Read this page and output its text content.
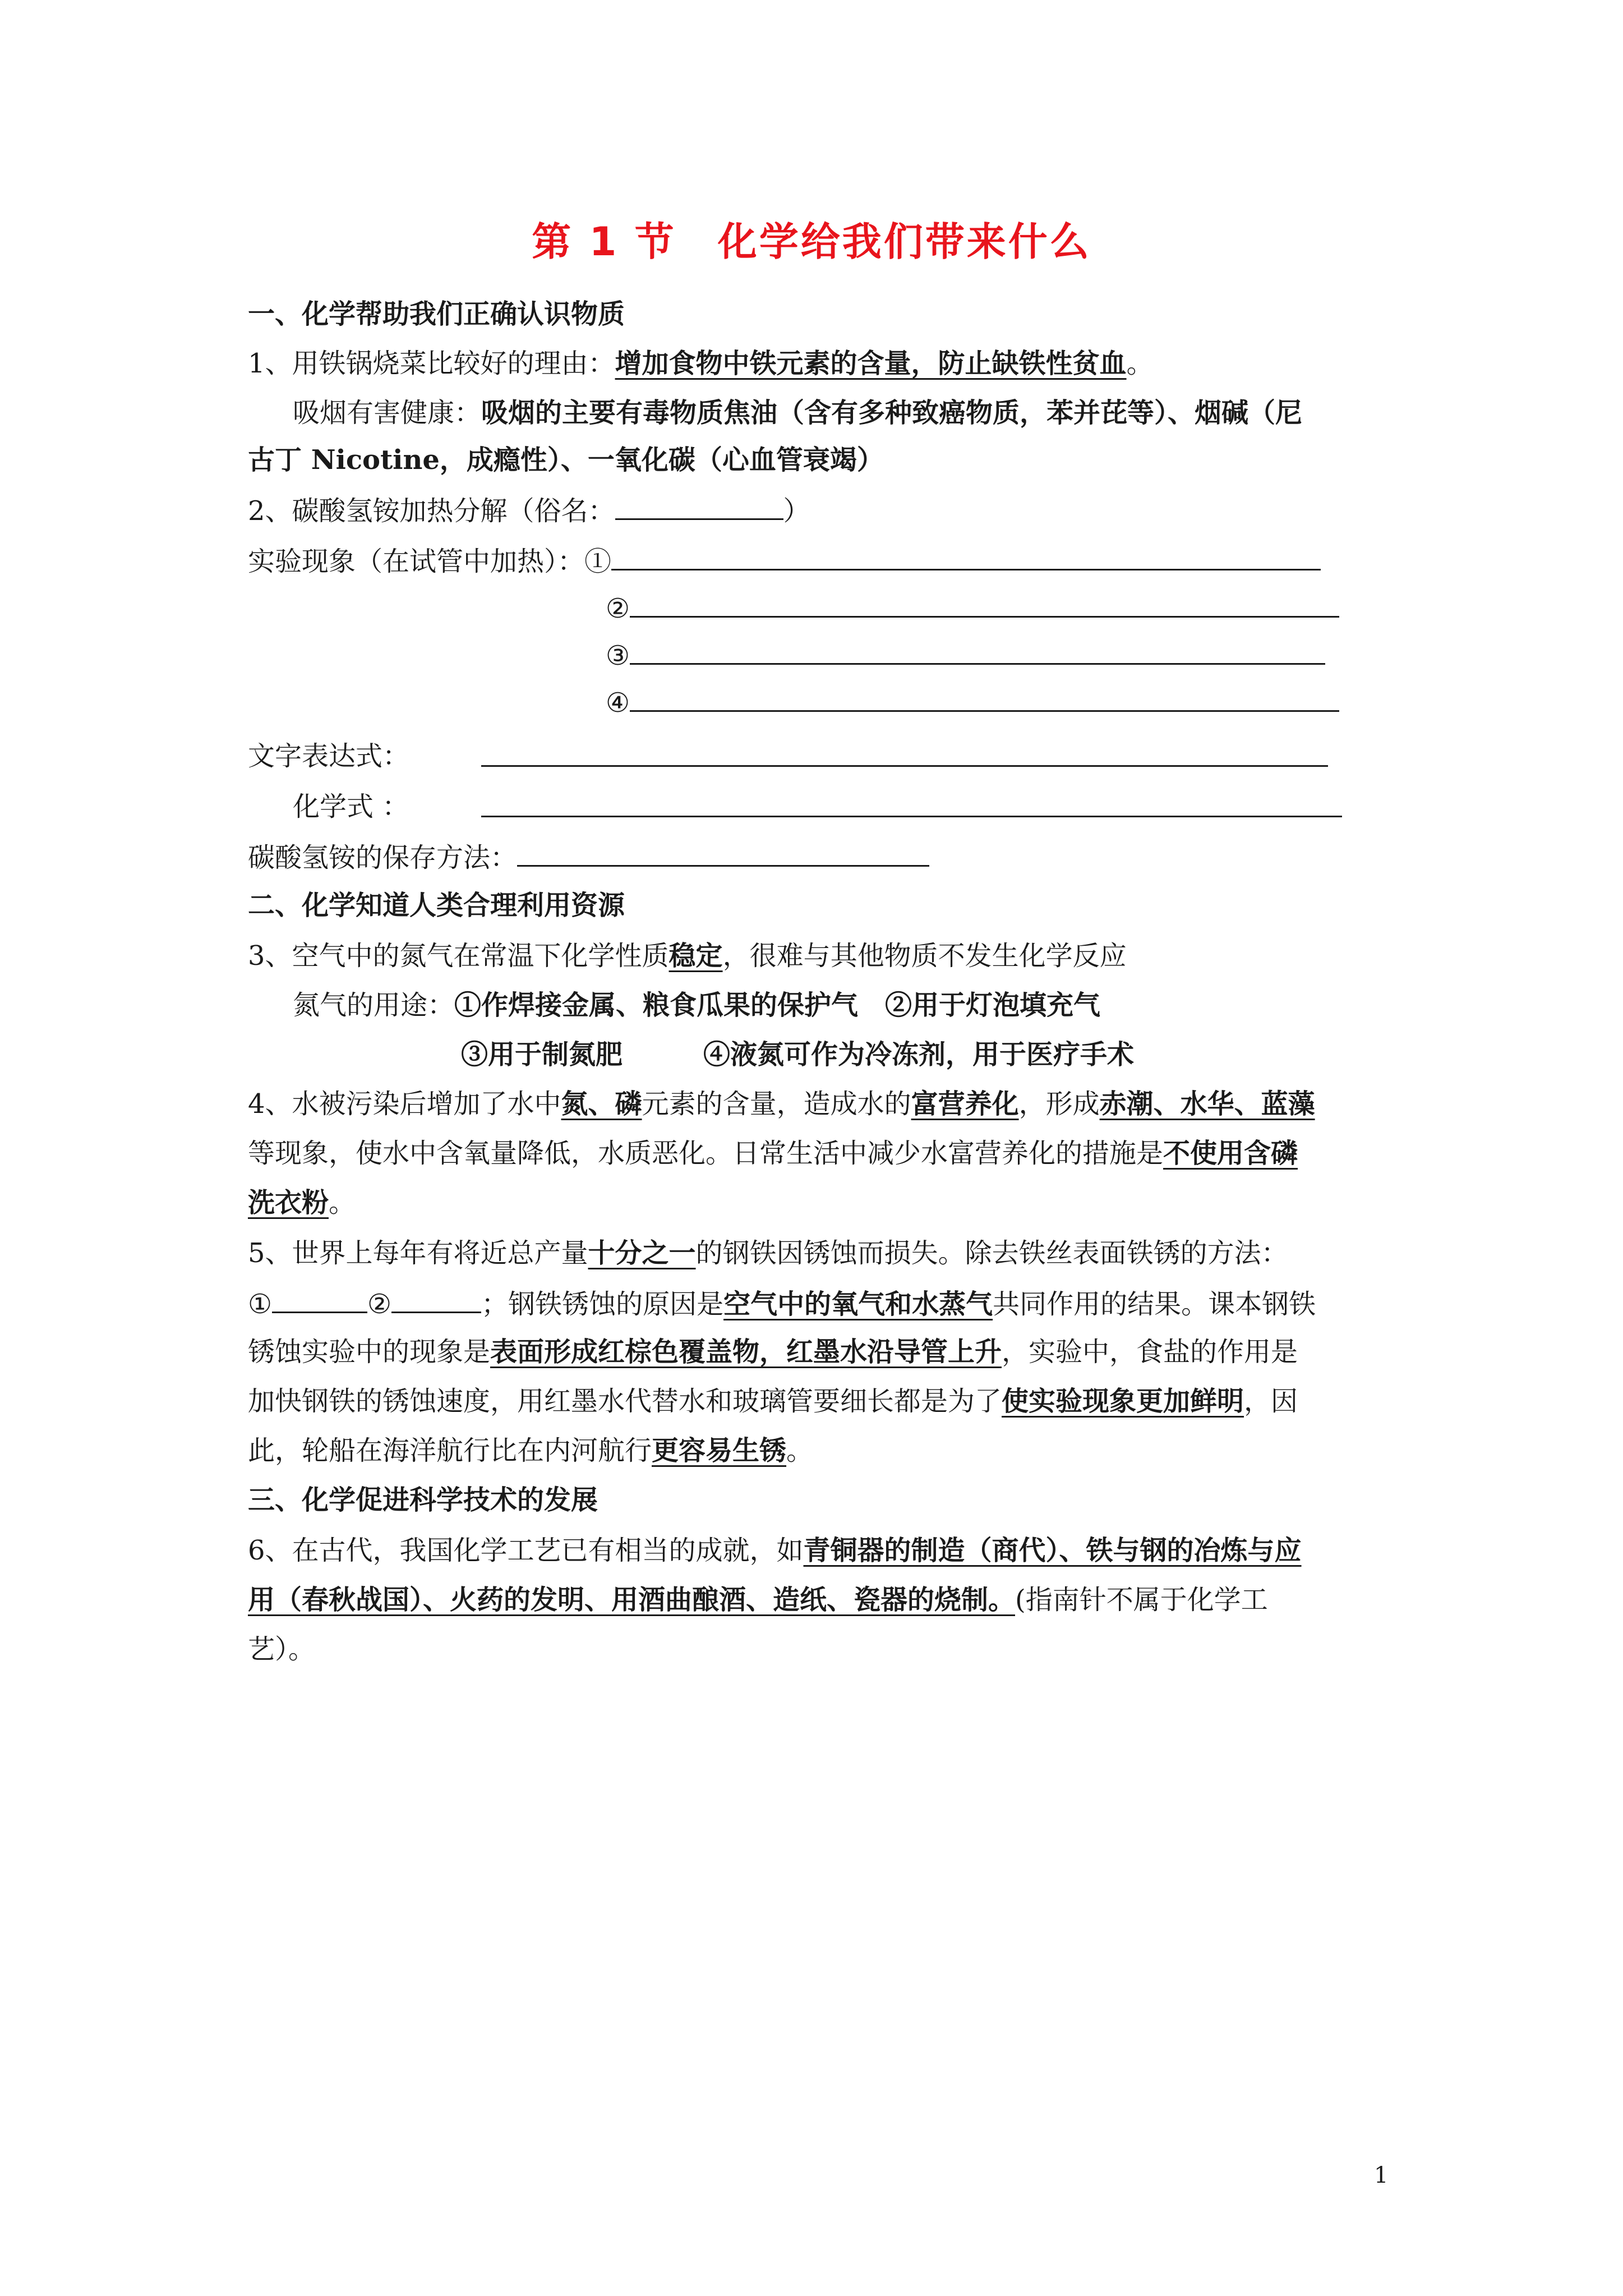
第 1 节　化学给我们带来什么
一、化学帮助我们正确认识物质
1、用铁锅烧菜比较好的理由：增加食物中铁元素的含量，防止缺铁性贫血。
吸烟有害健康：吸烟的主要有毒物质焦油（含有多种致癌物质，苯并芘等）、烟碱（尼
古丁 Nicotine，成瘾性）、一氧化碳（心血管衰竭）
2、碳酸氢铵加热分解（俗名：	）
实验现象（在试管中加热）：①
②
③
④
文字表达式：
化学式 ：
碳酸氢铵的保存方法：
二、化学知道人类合理利用资源
3、空气中的氮气在常温下化学性质稳定，很难与其他物质不发生化学反应
氮气的用途：①作焊接金属、粮食瓜果的保护气　②用于灯泡填充气
③用于制氮肥　　　④液氮可作为冷冻剂，用于医疗手术
4、水被污染后增加了水中氮、磷元素的含量，造成水的富营养化，形成赤潮、水华、蓝藻
等现象，使水中含氧量降低，水质恶化。日常生活中减少水富营养化的措施是不使用含磷
洗衣粉。
5、世界上每年有将近总产量十分之一的钢铁因锈蚀而损失。除去铁丝表面铁锈的方法：
①	②	；钢铁锈蚀的原因是空气中的氧气和水蒸气共同作用的结果。课本钢铁
锈蚀实验中的现象是表面形成红棕色覆盖物，红墨水沿导管上升，实验中，食盐的作用是
加快钢铁的锈蚀速度，用红墨水代替水和玻璃管要细长都是为了使实验现象更加鲜明，因
此，轮船在海洋航行比在内河航行更容易生锈。
三、化学促进科学技术的发展
6、在古代，我国化学工艺已有相当的成就，如青铜器的制造（商代）、铁与钢的冶炼与应
用（春秋战国）、火药的发明、用酒曲酿酒、造纸、瓷器的烧制。(指南针不属于化学工
艺）。
1
